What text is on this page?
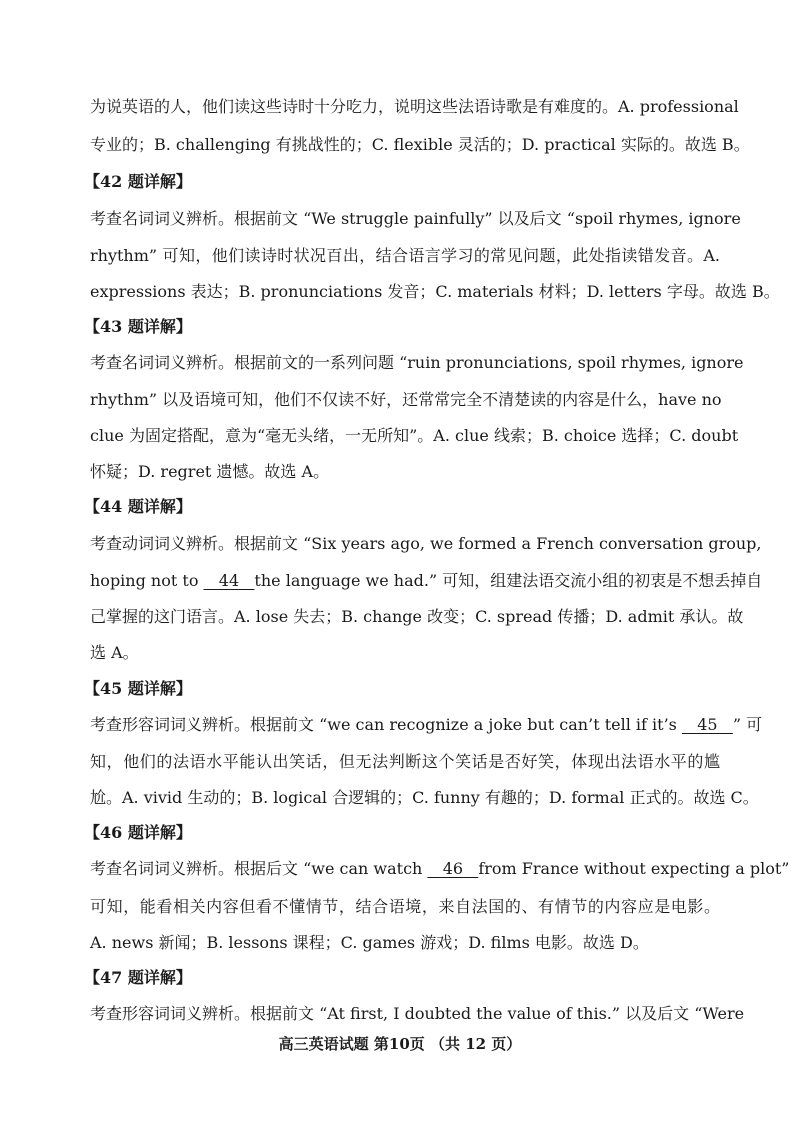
为说英语的人，他们读这些诗时十分吃力，说明这些法语诗歌是有难度的。A. professional
专业的；B. challenging 有挑战性的；C. flexible 灵活的；D. practical 实际的。故选 B。
【42 题详解】
考查名词词义辨析。根据前文 “We struggle painfully” 以及后文 “spoil rhymes, ignore
rhythm” 可知，他们读诗时状况百出，结合语言学习的常见问题，此处指读错发音。A.
expressions 表达；B. pronunciations 发音；C. materials 材料；D. letters 字母。故选 B。
【43 题详解】
考查名词词义辨析。根据前文的一系列问题 “ruin pronunciations, spoil rhymes, ignore
rhythm” 以及语境可知，他们不仅读不好，还常常完全不清楚读的内容是什么，have no
clue 为固定搭配，意为“毫无头绪，一无所知”。A. clue 线索；B. choice 选择；C. doubt
怀疑；D. regret 遗憾。故选 A。
【44 题详解】
考查动词词义辨析。根据前文 “Six years ago, we formed a French conversation group,
hoping not to    44   the language we had.” 可知，组建法语交流小组的初衷是不想丢掉自
己掌握的这门语言。A. lose 失去；B. change 改变；C. spread 传播；D. admit 承认。故
选 A。
【45 题详解】
考查形容词词义辨析。根据前文 “we can recognize a joke but can’t tell if it’s    45   ” 可
知，他们的法语水平能认出笑话，但无法判断这个笑话是否好笑，体现出法语水平的尴
尬。A. vivid 生动的；B. logical 合逻辑的；C. funny 有趣的；D. formal 正式的。故选 C。
【46 题详解】
考查名词词义辨析。根据后文 “we can watch    46   from France without expecting a plot”
可知，能看相关内容但看不懂情节，结合语境，来自法国的、有情节的内容应是电影。
A. news 新闻；B. lessons 课程；C. games 游戏；D. films 电影。故选 D。
【47 题详解】
考查形容词词义辨析。根据前文 “At first, I doubted the value of this.” 以及后文 “Were
高三英语试题 第10页 （共 12 页）
